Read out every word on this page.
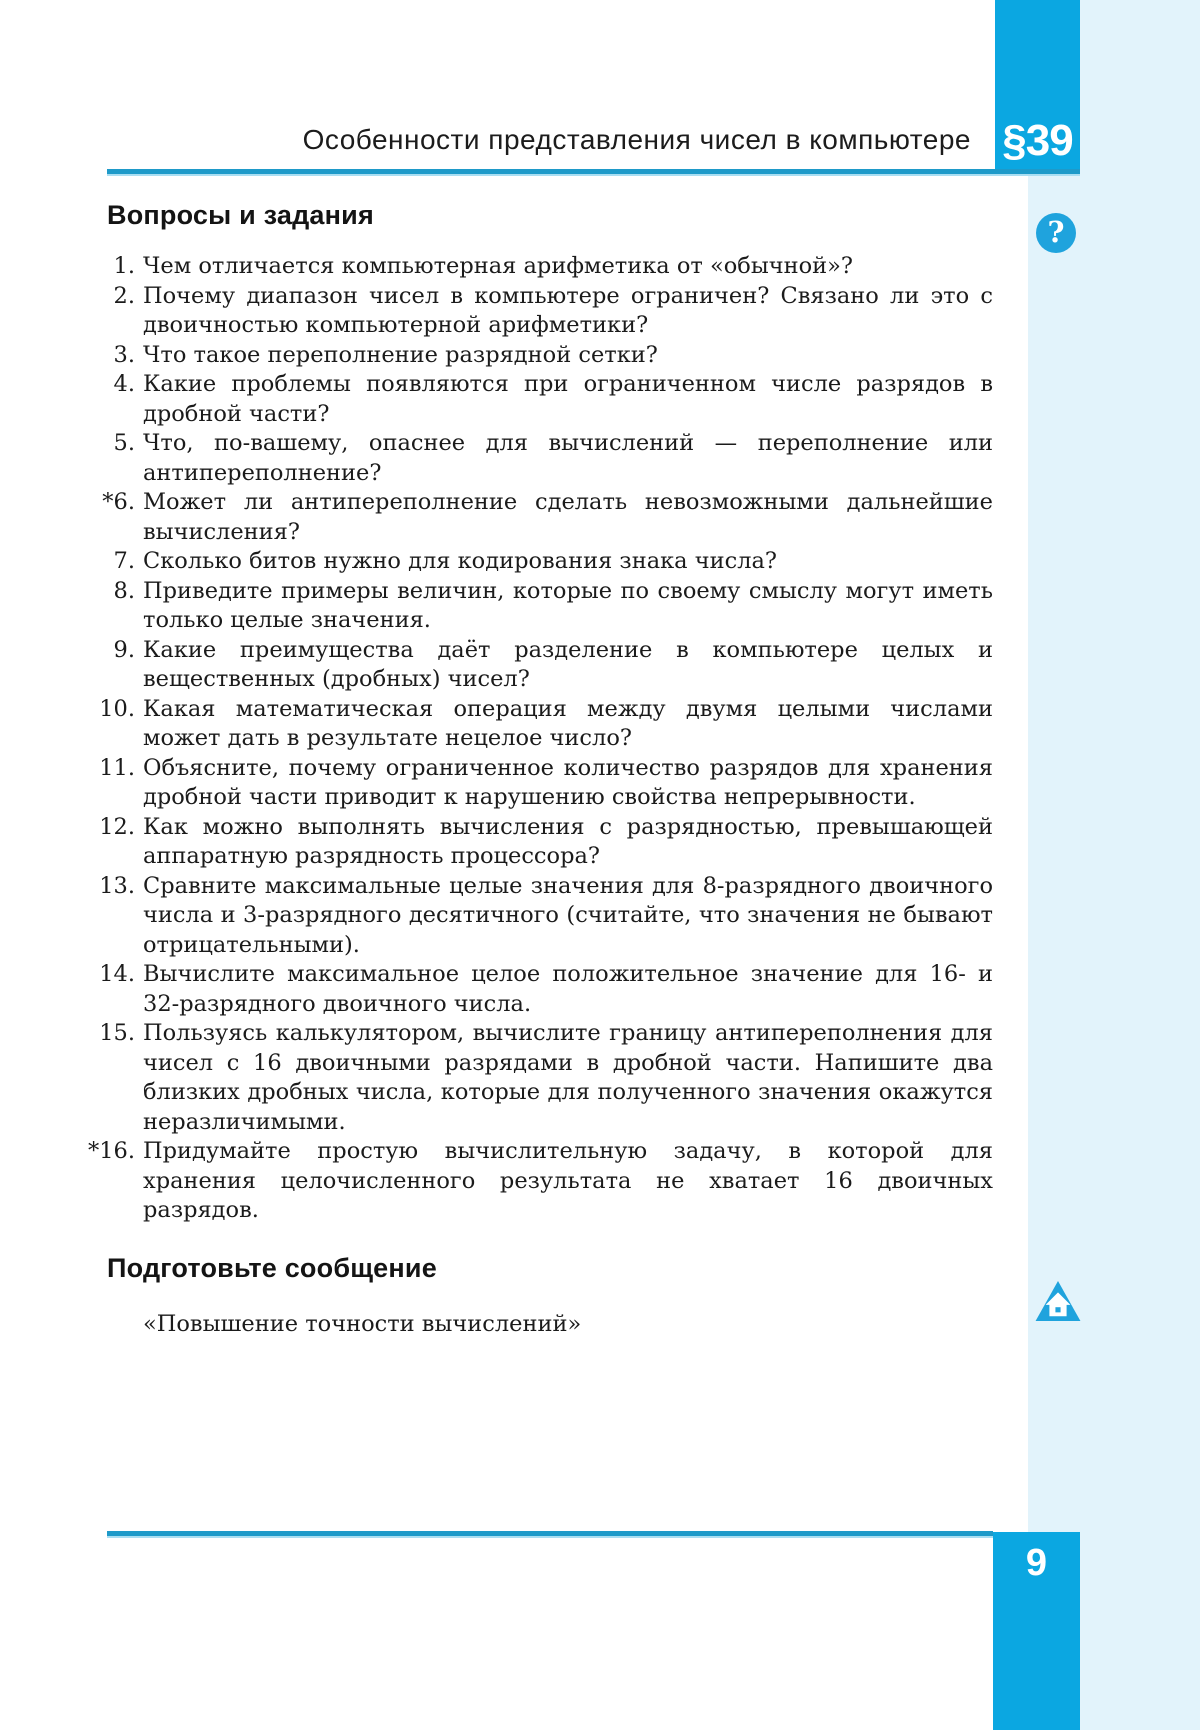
§39
Особенности представления чисел в компьютере
?
Вопросы и задания
1. Чем отличается компьютерная арифметика от «обычной»?
2. Почему диапазон чисел в компьютере ограничен? Связано ли это с двоичностью компьютерной арифметики?
3. Что такое переполнение разрядной сетки?
4. Какие проблемы появляются при ограниченном числе разрядов в дробной части?
5. Что, по-вашему, опаснее для вычислений — переполнение или антипереполнение?
*6. Может ли антипереполнение сделать невозможными дальнейшие вычисления?
7. Сколько битов нужно для кодирования знака числа?
8. Приведите примеры величин, которые по своему смыслу могут иметь только целые значения.
9. Какие преимущества даёт разделение в компьютере целых и вещественных (дробных) чисел?
10. Какая математическая операция между двумя целыми числами может дать в результате нецелое число?
11. Объясните, почему ограниченное количество разрядов для хранения дробной части приводит к нарушению свойства непрерывности.
12. Как можно выполнять вычисления с разрядностью, превышающей аппаратную разрядность процессора?
13. Сравните максимальные целые значения для 8-разрядного двоичного числа и 3-разрядного десятичного (считайте, что значения не бывают отрицательными).
14. Вычислите максимальное целое положительное значение для 16- и 32-разрядного двоичного числа.
15. Пользуясь калькулятором, вычислите границу антипереполнения для чисел с 16 двоичными разрядами в дробной части. Напишите два близких дробных числа, которые для полученного значения окажутся неразличимыми.
*16. Придумайте простую вычислительную задачу, в которой для хранения целочисленного результата не хватает 16 двоичных разрядов.
Подготовьте сообщение

«Повышение точности вычислений»

9
